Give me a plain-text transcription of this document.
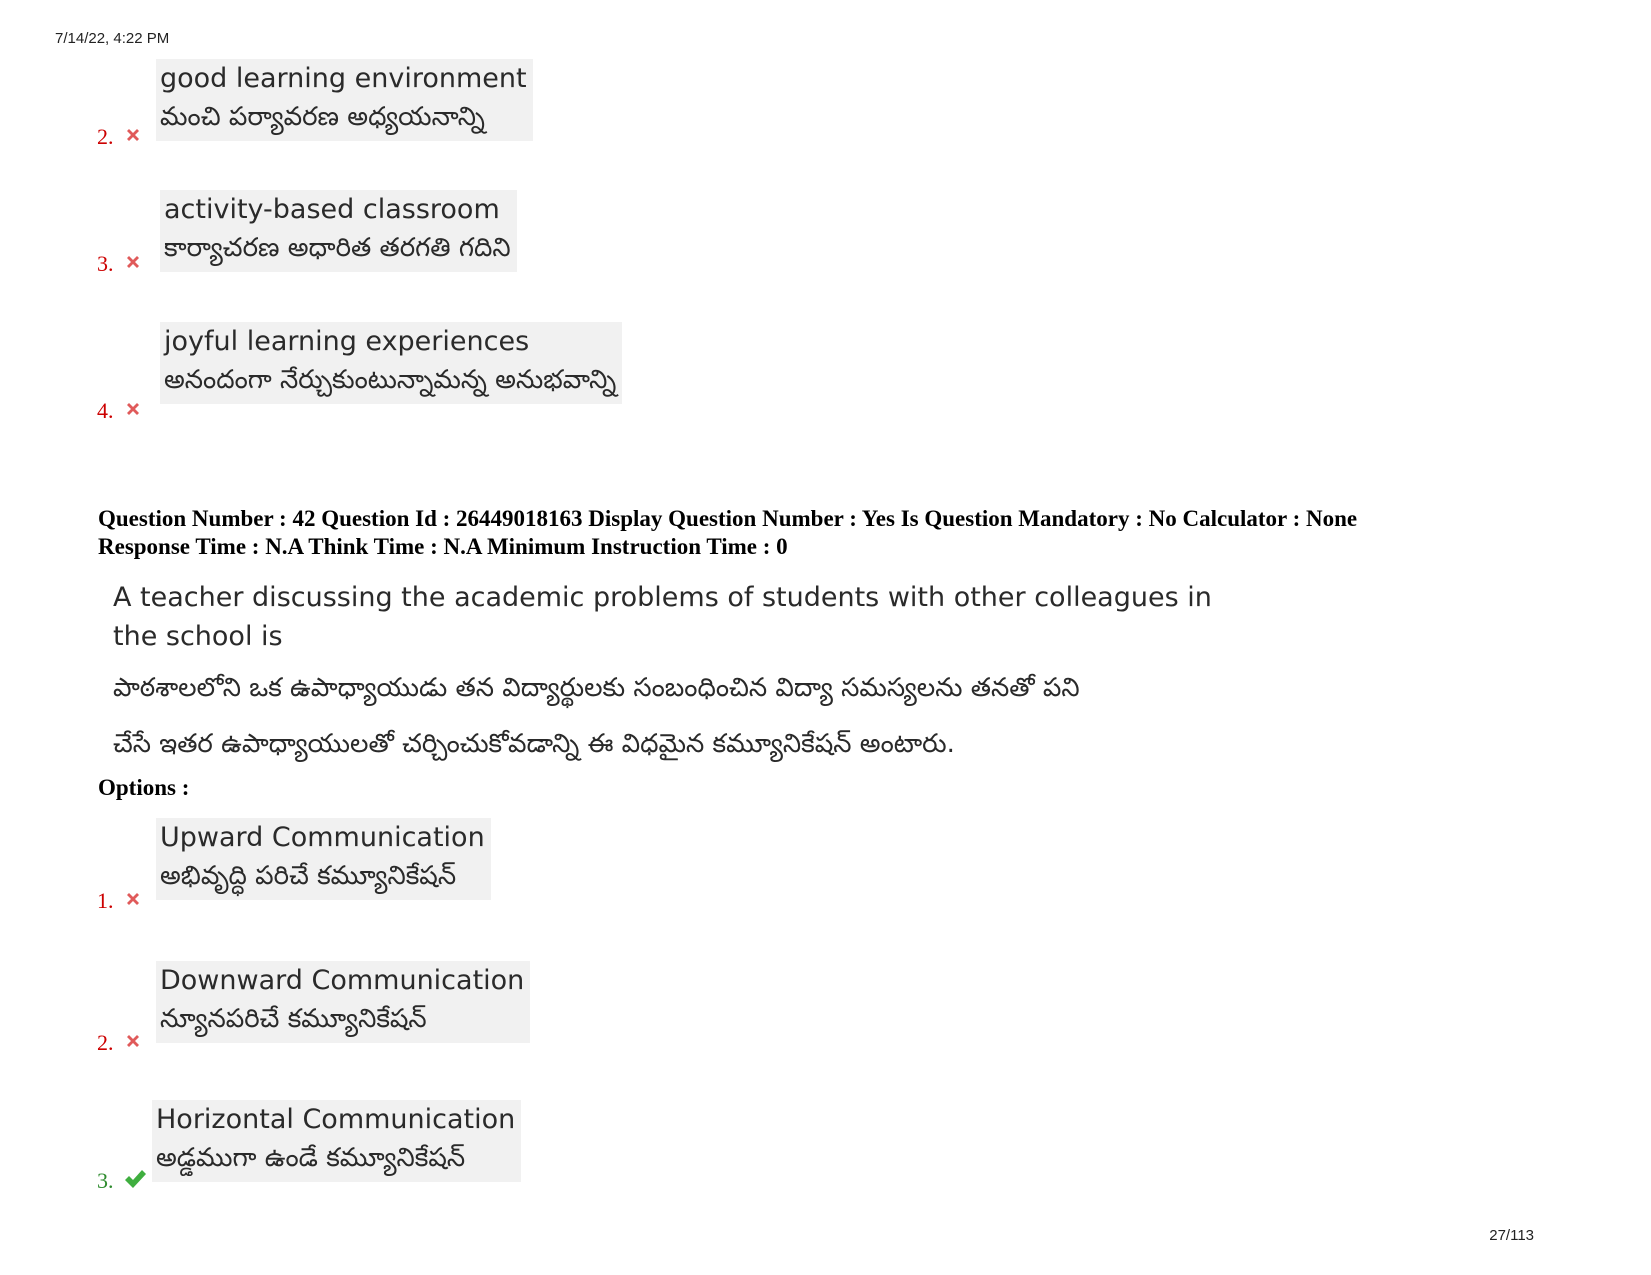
7/14/22, 4:22 PM
2.
good learning environment
మంచి పర్యావరణ అధ్యయనాన్ని
3.
activity-based classroom
కార్యాచరణ అధారిత తరగతి గదిని
4.
joyful learning experiences
అనందంగా నేర్చుకుంటున్నామన్న అనుభవాన్ని
Question Number : 42 Question Id : 26449018163 Display Question Number : Yes Is Question Mandatory : No Calculator : None
Response Time : N.A Think Time : N.A Minimum Instruction Time : 0
A teacher discussing the academic problems of students with other colleagues in the school is
పాఠశాలలోని ఒక ఉపాధ్యాయుడు తన విద్యార్థులకు సంబంధించిన విద్యా సమస్యలను తనతో పని
చేసే ఇతర ఉపాధ్యాయులతో చర్చించుకోవడాన్ని ఈ విధమైన కమ్యూనికేషన్ అంటారు.
Options :
1.
Upward Communication
అభివృద్ధి పరిచే కమ్యూనికేషన్
2.
Downward Communication
న్యూనపరిచే కమ్యూనికేషన్
3.
Horizontal Communication
అడ్డముగా ఉండే కమ్యూనికేషన్
27/113
